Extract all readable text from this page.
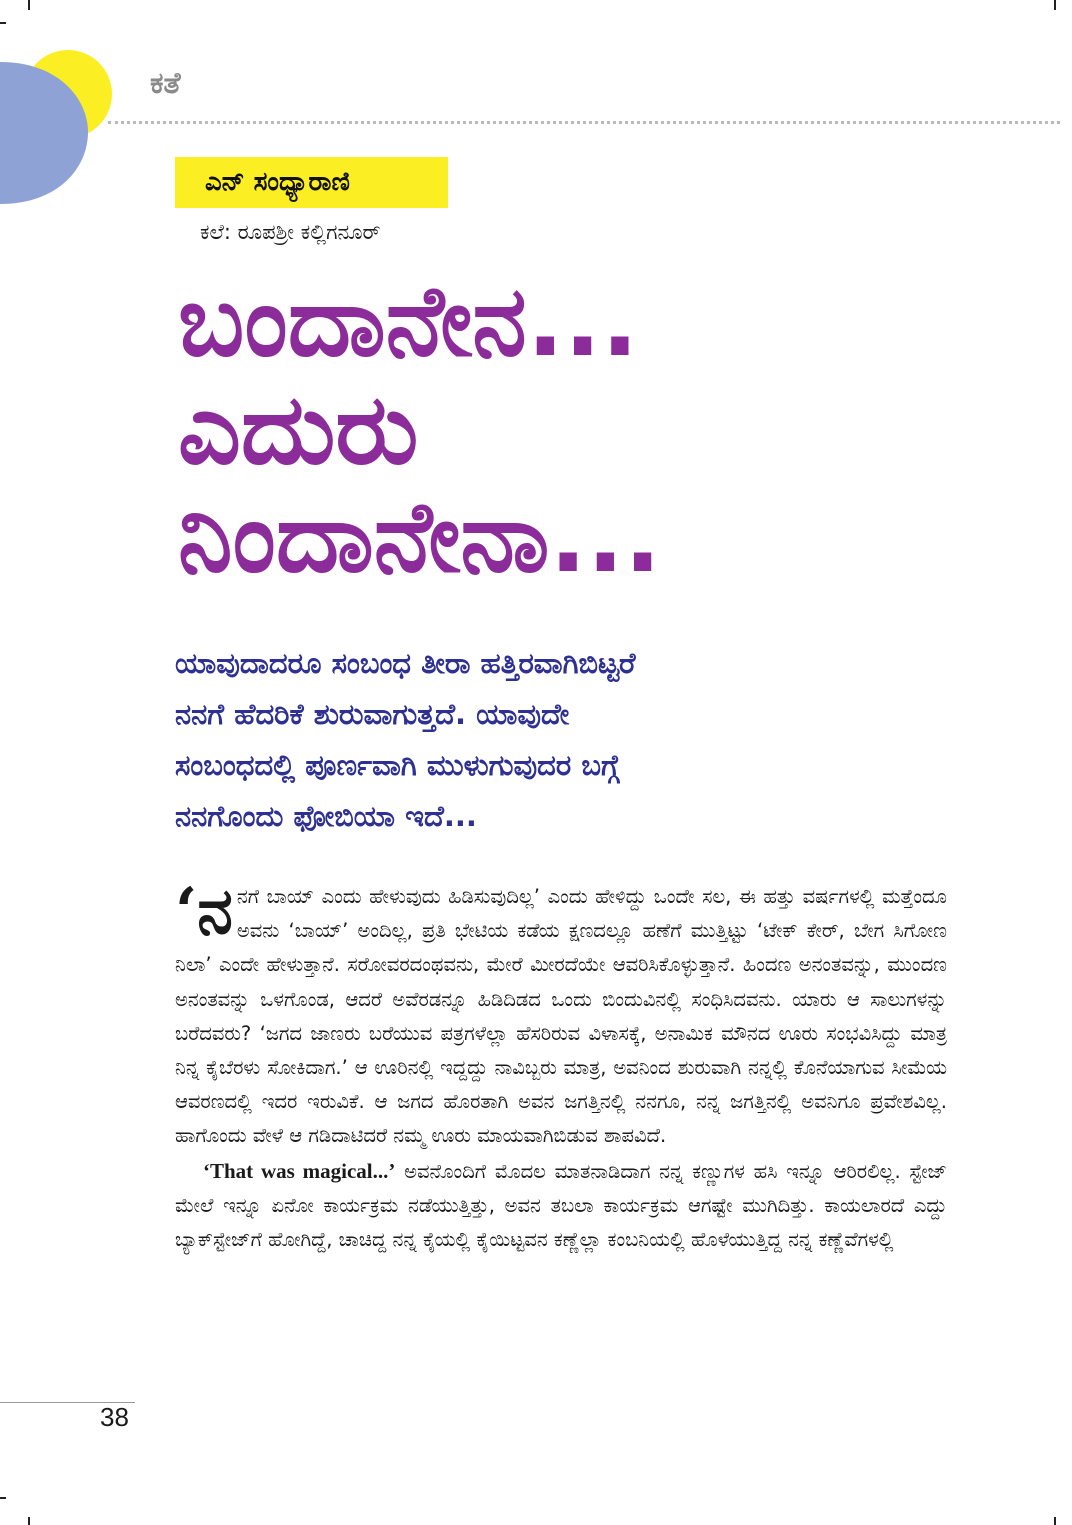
ಕತೆ
ಎನ್‌ ಸಂಧ್ಯಾರಾಣಿ
ಕಲೆ: ರೂಪಶ್ರೀ ಕಲ್ಲಿಗನೂರ್‌
ಬಂದಾನೇನ...
ಎದುರು
ನಿಂದಾನೇನಾ...
ಯಾವುದಾದರೂ ಸಂಬಂಧ ತೀರಾ ಹತ್ತಿರವಾಗಿಬಿಟ್ಟರೆ
ನನಗೆ ಹೆದರಿಕೆ ಶುರುವಾಗುತ್ತದೆ. ಯಾವುದೇ
ಸಂಬಂಧದಲ್ಲಿ ಪೂರ್ಣವಾಗಿ ಮುಳುಗುವುದರ ಬಗ್ಗೆ
ನನಗೊಂದು ಫೋಬಿಯಾ ಇದೆ...

‘ನನಗೆ ಬಾಯ್‌ ಎಂದು ಹೇಳುವುದು ಹಿಡಿಸುವುದಿಲ್ಲ’ ಎಂದು ಹೇಳಿದ್ದು ಒಂದೇ ಸಲ, ಈ ಹತ್ತು ವರ್ಷಗಳಲ್ಲಿ ಮತ್ತೆಂದೂ ಅವನು ‘ಬಾಯ್‌’ ಅಂದಿಲ್ಲ, ಪ್ರತಿ ಭೇಟಿಯ ಕಡೆಯ ಕ್ಷಣದಲ್ಲೂ ಹಣೆಗೆ ಮುತ್ತಿಟ್ಟು ‘ಟೇಕ್‌ ಕೇರ್‌, ಬೇಗ ಸಿಗೋಣ ನಿಲಾ’ ಎಂದೇ ಹೇಳುತ್ತಾನೆ. ಸರೋವರದಂಥವನು, ಮೇರೆ ಮೀರದೆಯೇ ಆವರಿಸಿಕೊಳ್ಳುತ್ತಾನೆ. ಹಿಂದಣ ಅನಂತವನ್ನು, ಮುಂದಣ ಅನಂತವನ್ನು ಒಳಗೊಂಡ, ಆದರೆ ಅವೆರಡನ್ನೂ ಹಿಡಿದಿಡದ ಒಂದು ಬಿಂದುವಿನಲ್ಲಿ ಸಂಧಿಸಿದವನು. ಯಾರು ಆ ಸಾಲುಗಳನ್ನು ಬರೆದವರು? ‘ಜಗದ ಜಾಣರು ಬರೆಯುವ ಪತ್ರಗಳೆಲ್ಲಾ ಹೆಸರಿರುವ ವಿಳಾಸಕ್ಕೆ, ಅನಾಮಿಕ ಮೌನದ ಊರು ಸಂಭವಿಸಿದ್ದು ಮಾತ್ರ ನಿನ್ನ ಕೈಬೆರಳು ಸೋಕಿದಾಗ.’ ಆ ಊರಿನಲ್ಲಿ ಇದ್ದದ್ದು ನಾವಿಬ್ಬರು ಮಾತ್ರ, ಅವನಿಂದ ಶುರುವಾಗಿ ನನ್ನಲ್ಲಿ ಕೊನೆಯಾಗುವ ಸೀಮೆಯ ಆವರಣದಲ್ಲಿ ಇದರ ಇರುವಿಕೆ. ಆ ಜಗದ ಹೊರತಾಗಿ ಅವನ ಜಗತ್ತಿನಲ್ಲಿ ನನಗೂ, ನನ್ನ ಜಗತ್ತಿನಲ್ಲಿ ಅವನಿಗೂ ಪ್ರವೇಶವಿಲ್ಲ. ಹಾಗೊಂದು ವೇಳೆ ಆ ಗಡಿದಾಟಿದರೆ ನಮ್ಮ ಊರು ಮಾಯವಾಗಿಬಿಡುವ ಶಾಪವಿದೆ.

‘That was magical...’ ಅವನೊಂದಿಗೆ ಮೊದಲ ಮಾತನಾಡಿದಾಗ ನನ್ನ ಕಣ್ಣುಗಳ ಹಸಿ ಇನ್ನೂ ಆರಿರಲಿಲ್ಲ. ಸ್ಟೇಜ್‌ ಮೇಲೆ ಇನ್ನೂ ಏನೋ ಕಾರ್ಯಕ್ರಮ ನಡೆಯುತ್ತಿತ್ತು, ಅವನ ತಬಲಾ ಕಾರ್ಯಕ್ರಮ ಆಗಷ್ಟೇ ಮುಗಿದಿತ್ತು. ಕಾಯಲಾರದೆ ಎದ್ದು ಬ್ಯಾಕ್‌ಸ್ಟೇಜ್‌ಗೆ ಹೋಗಿದ್ದೆ, ಚಾಚಿದ್ದ ನನ್ನ ಕೈಯಲ್ಲಿ ಕೈಯಿಟ್ಟವನ ಕಣ್ಣೆಲ್ಲಾ ಕಂಬನಿಯಲ್ಲಿ ಹೊಳೆಯುತ್ತಿದ್ದ ನನ್ನ ಕಣ್ಣೆವೆಗಳಲ್ಲಿ

38
